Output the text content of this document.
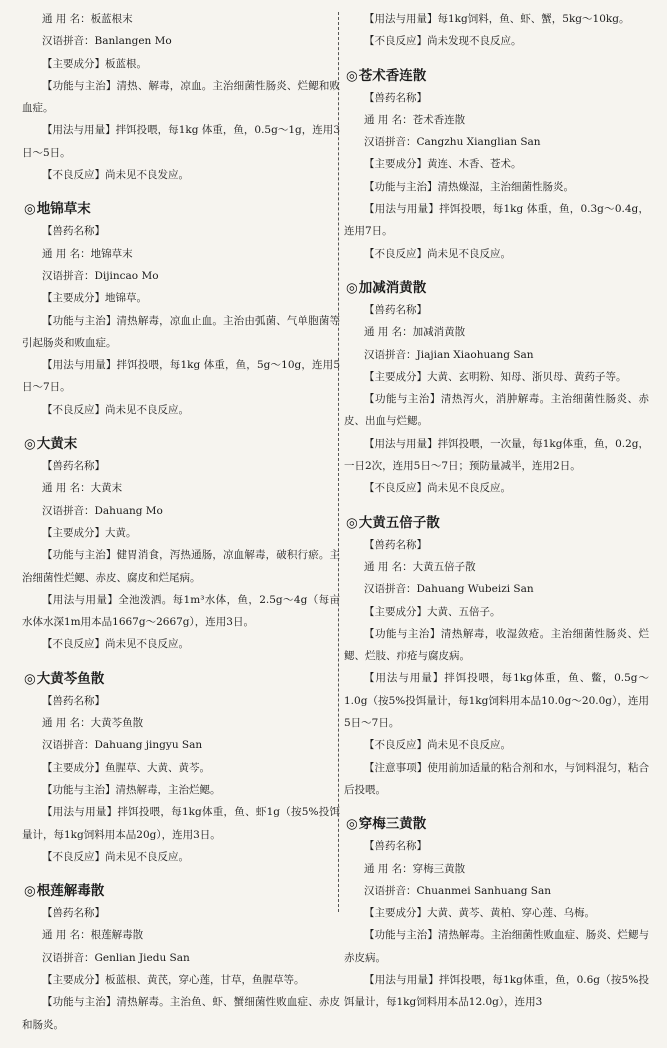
通 用 名：板蓝根末

汉语拼音：Banlangen Mo

【主要成分】板蓝根。

【功能与主治】清热、解毒，凉血。主治细菌性肠炎、烂鳃和败血症。

【用法与用量】拌饵投喂，每1kg 体重，鱼，0.5g～1g，连用3日～5日。

【不良反应】尚未见不良发应。

◎地锦草末

【兽药名称】

通 用 名：地锦草末

汉语拼音：Dijincao Mo

【主要成分】地锦草。

【功能与主治】清热解毒，凉血止血。主治由弧菌、气单胞菌等引起肠炎和败血症。

【用法与用量】拌饵投喂，每1kg 体重，鱼，5g～10g，连用5日～7日。

【不良反应】尚未见不良反应。

◎大黄末

【兽药名称】

通 用 名：大黄末

汉语拼音：Dahuang Mo

【主要成分】大黄。

【功能与主治】健胃消食，泻热通肠，凉血解毒，破积行瘀。主治细菌性烂鳃、赤皮、腐皮和烂尾病。

【用法与用量】全池泼洒。每1m³水体，鱼，2.5g～4g（每亩水体水深1m用本品1667g～2667g），连用3日。

【不良反应】尚未见不良反应。

◎大黄芩鱼散

【兽药名称】

通 用 名：大黄芩鱼散

汉语拼音：Dahuang jingyu San

【主要成分】鱼腥草、大黄、黄芩。

【功能与主治】清热解毒，主治烂鳃。

【用法与用量】拌饵投喂，每1kg体重，鱼、虾1g（按5%投饵量计，每1kg饲料用本品20g），连用3日。

【不良反应】尚未见不良反应。

◎根莲解毒散

【兽药名称】

通 用 名：根莲解毒散

汉语拼音：Genlian Jiedu San

【主要成分】板蓝根、黄芪，穿心莲，甘草，鱼腥草等。

【功能与主治】清热解毒。主治鱼、虾、蟹细菌性败血症、赤皮和肠炎。

【用法与用量】每1kg饲料，鱼、虾、蟹，5kg～10kg。

【不良反应】尚未发现不良反应。

◎苍术香连散

【兽药名称】

通 用 名：苍术香连散

汉语拼音：Cangzhu Xianglian San

【主要成分】黄连、木香、苍术。

【功能与主治】清热燥湿，主治细菌性肠炎。

【用法与用量】拌饵投喂，每1kg 体重，鱼，0.3g～0.4g，连用7日。

【不良反应】尚未见不良反应。

◎加减消黄散

【兽药名称】

通 用 名：加减消黄散

汉语拼音：Jiajian Xiaohuang San

【主要成分】大黄、玄明粉、知母、浙贝母、黄药子等。

【功能与主治】清热泻火，消肿解毒。主治细菌性肠炎、赤皮、出血与烂鳃。

【用法与用量】拌饵投喂，一次量，每1kg体重，鱼，0.2g，一日2次，连用5日～7日；预防量减半，连用2日。

【不良反应】尚未见不良反应。

◎大黄五倍子散

【兽药名称】

通 用 名：大黄五倍子散

汉语拼音：Dahuang Wubeizi San

【主要成分】大黄、五倍子。

【功能与主治】清热解毒，收湿敛疮。主治细菌性肠炎、烂鳃、烂肢、疖疮与腐皮病。

【用法与用量】拌饵投喂，每1kg体重，鱼、鳖，0.5g～1.0g（按5%投饵量计，每1kg饲料用本品10.0g～20.0g），连用5日～7日。

【不良反应】尚未见不良反应。

【注意事项】使用前加适量的粘合剂和水，与饲料混匀，粘合后投喂。

◎穿梅三黄散

【兽药名称】

通 用 名：穿梅三黄散

汉语拼音：Chuanmei Sanhuang San

【主要成分】大黄、黄芩、黄柏、穿心莲、乌梅。

【功能与主治】清热解毒。主治细菌性败血症、肠炎、烂鳃与赤皮病。

【用法与用量】拌饵投喂，每1kg体重，鱼，0.6g（按5%投饵量计，每1kg饲料用本品12.0g），连用3
